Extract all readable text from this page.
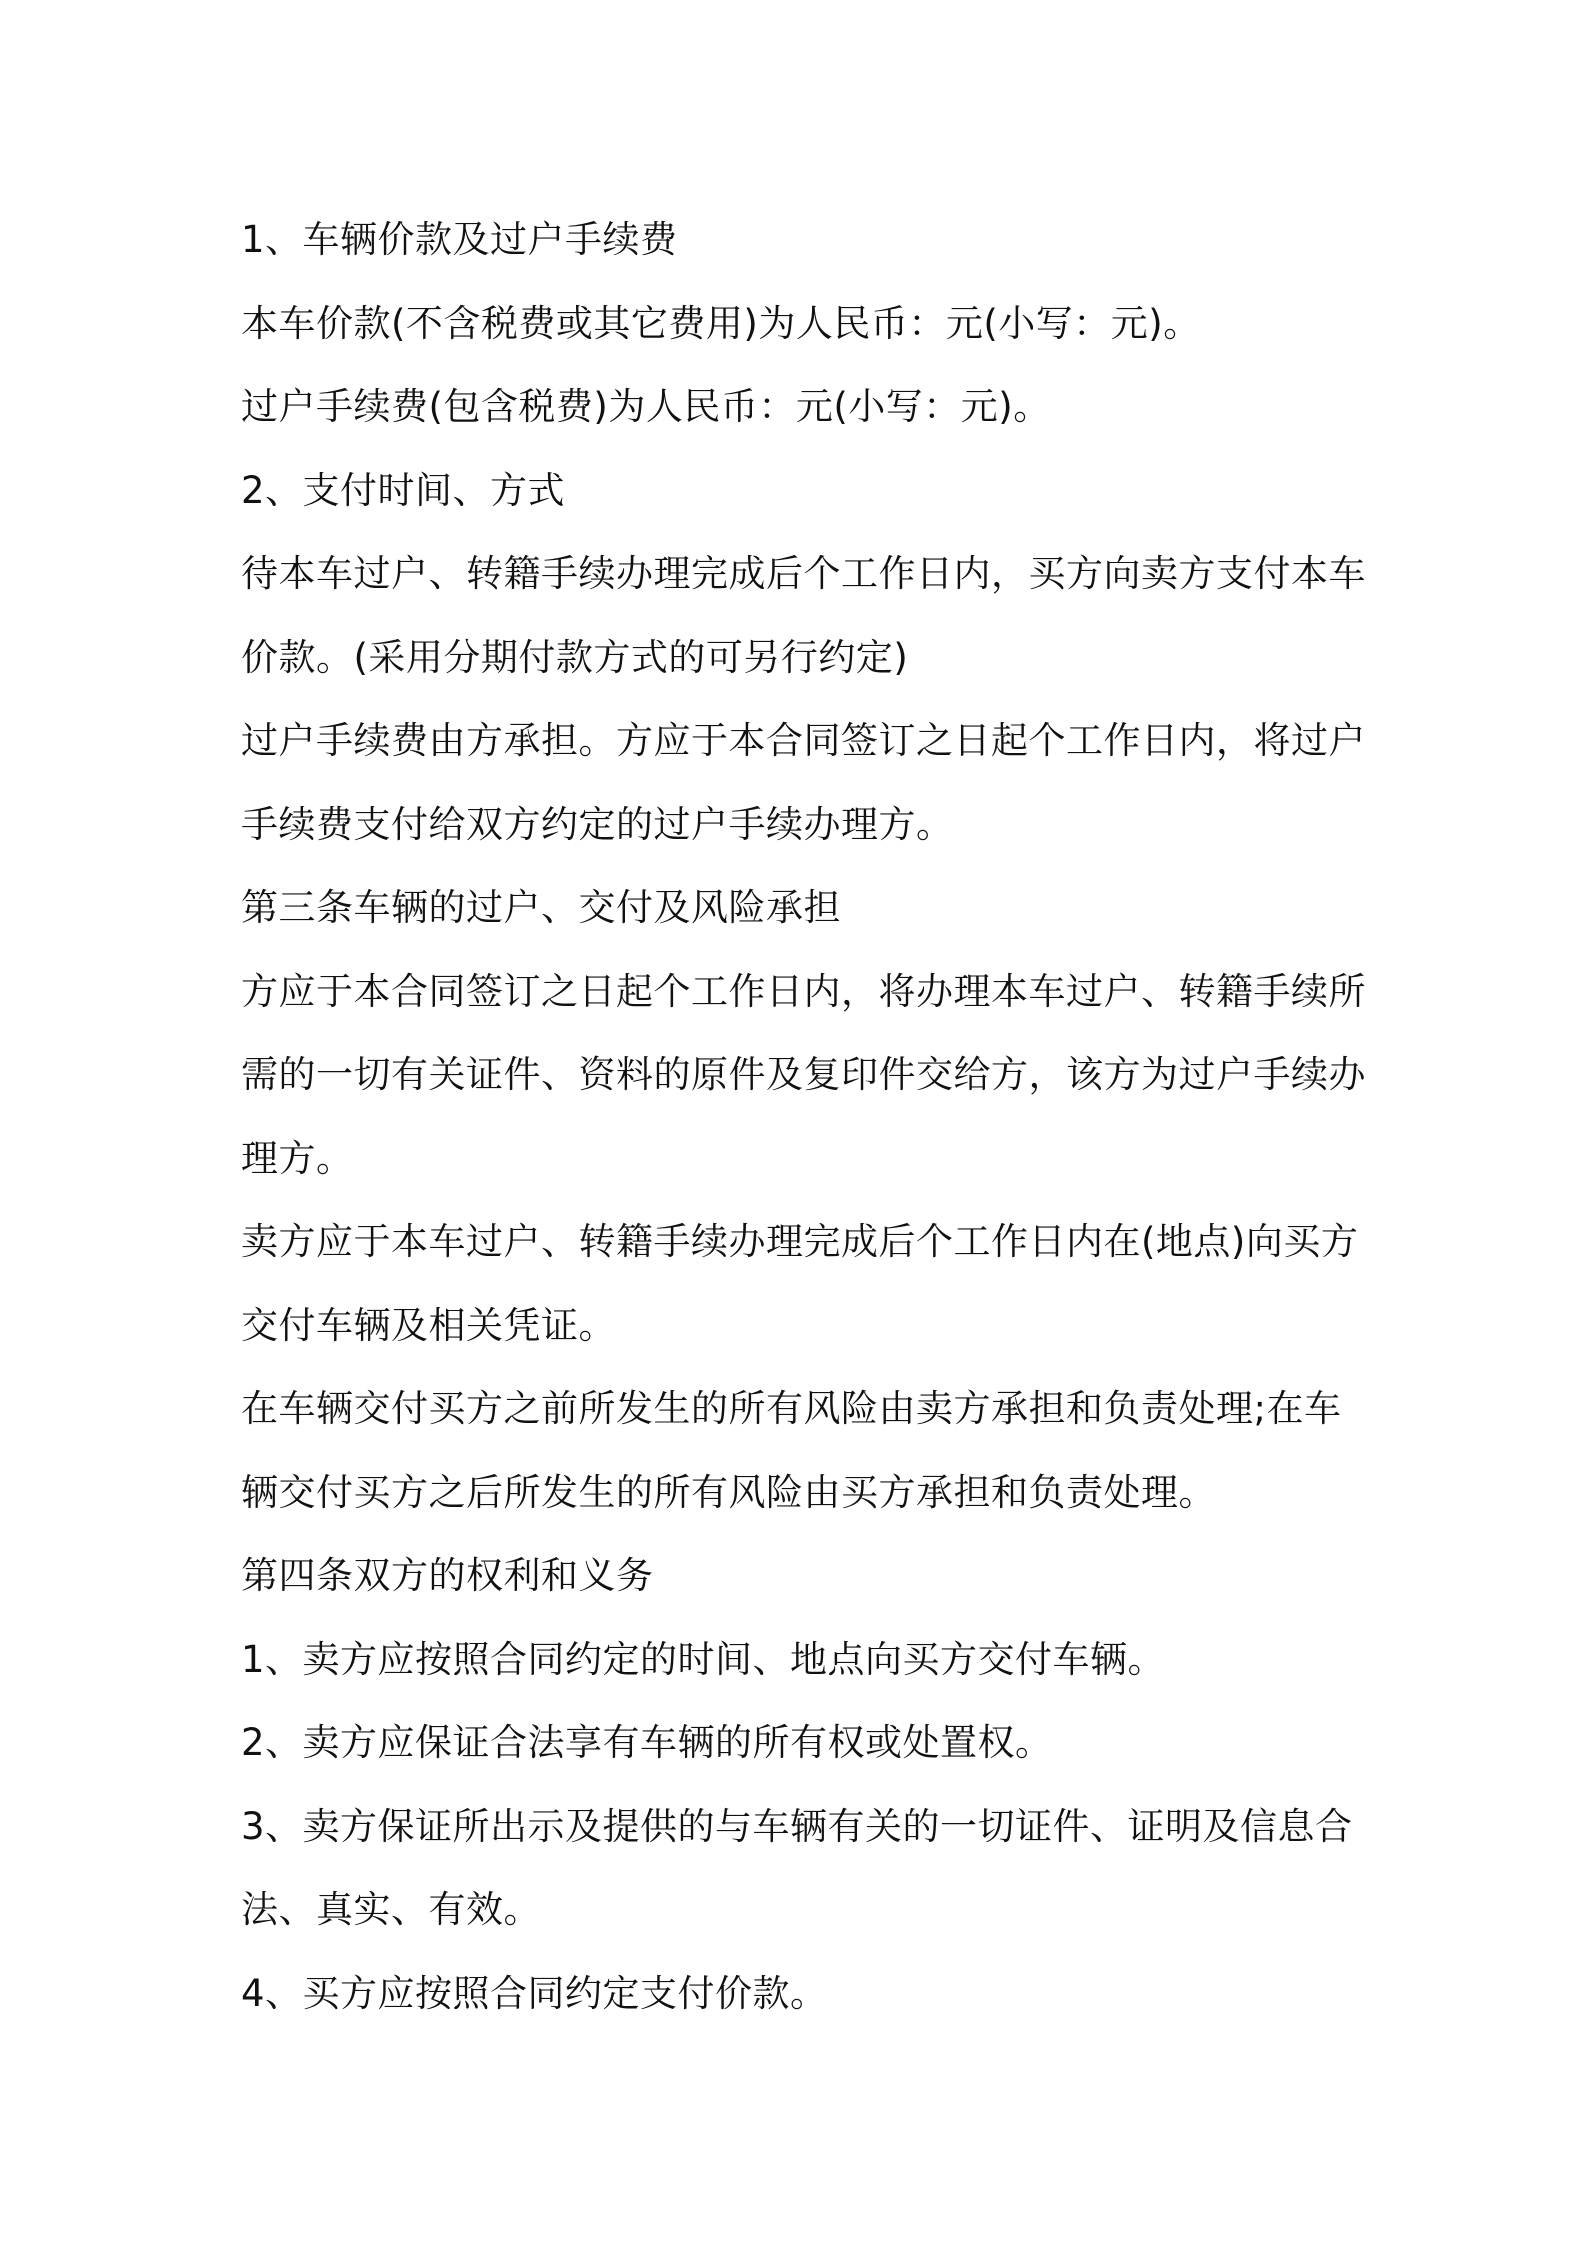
1、车辆价款及过户手续费

本车价款(不含税费或其它费用)为人民币：元(小写：元)。

过户手续费(包含税费)为人民币：元(小写：元)。

2、支付时间、方式

待本车过户、转籍手续办理完成后个工作日内，买方向卖方支付本车

价款。(采用分期付款方式的可另行约定)

过户手续费由方承担。方应于本合同签订之日起个工作日内，将过户

手续费支付给双方约定的过户手续办理方。

第三条车辆的过户、交付及风险承担

方应于本合同签订之日起个工作日内，将办理本车过户、转籍手续所

需的一切有关证件、资料的原件及复印件交给方，该方为过户手续办

理方。

卖方应于本车过户、转籍手续办理完成后个工作日内在(地点)向买方

交付车辆及相关凭证。

在车辆交付买方之前所发生的所有风险由卖方承担和负责处理;在车

辆交付买方之后所发生的所有风险由买方承担和负责处理。

第四条双方的权利和义务

1、卖方应按照合同约定的时间、地点向买方交付车辆。

2、卖方应保证合法享有车辆的所有权或处置权。

3、卖方保证所出示及提供的与车辆有关的一切证件、证明及信息合

法、真实、有效。

4、买方应按照合同约定支付价款。
